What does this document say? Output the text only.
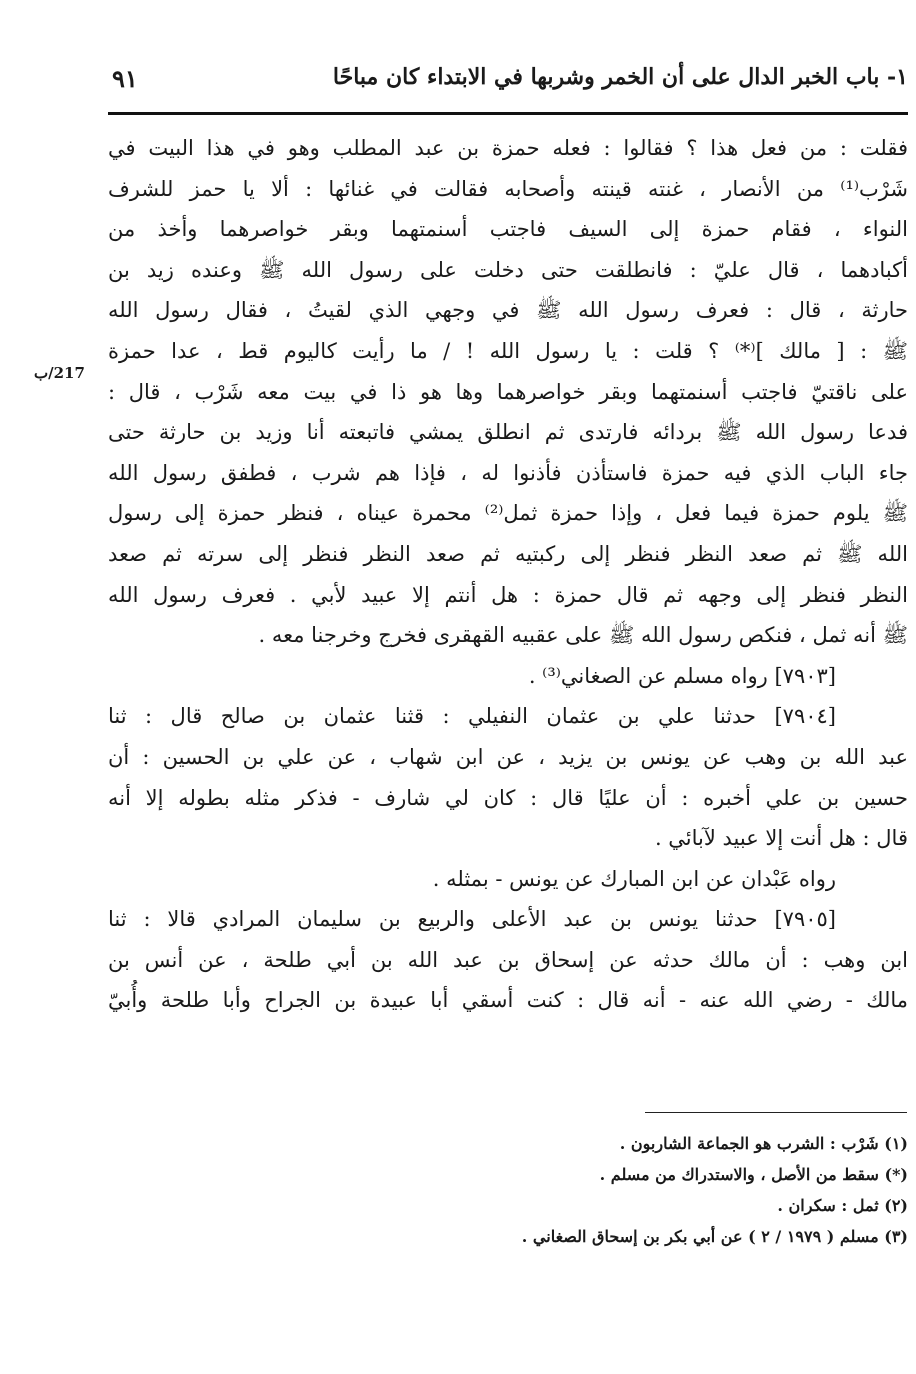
١- باب الخبر الدال على أن الخمر وشربها في الابتداء كان مباحًا
٩١
217/ب
فقلت : من فعل هذا ؟ فقالوا : فعله حمزة بن عبد المطلب وهو في هذا البيت في
شَرْب⁽¹⁾ من الأنصار ، غنته قينته وأصحابه فقالت في غنائها : ألا يا حمز للشرف
النواء ، فقام حمزة إلى السيف فاجتب أسنمتهما وبقر خواصرهما وأخذ من
أكبادهما ، قال عليّ : فانطلقت حتى دخلت على رسول الله ﷺ وعنده زيد بن
حارثة ، قال : فعرف رسول الله ﷺ في وجهي الذي لقيتُ ، فقال رسول الله
ﷺ : [ مالك ]⁽*⁾ ؟ قلت : يا رسول الله ! / ما رأيت كاليوم قط ، عدا حمزة
على ناقتيّ فاجتب أسنمتهما وبقر خواصرهما وها هو ذا في بيت معه شَرْب ، قال :
فدعا رسول الله ﷺ بردائه فارتدى ثم انطلق يمشي فاتبعته أنا وزيد بن حارثة حتى
جاء الباب الذي فيه حمزة فاستأذن فأذنوا له ، فإذا هم شرب ، فطفق رسول الله
ﷺ يلوم حمزة فيما فعل ، وإذا حمزة ثمل⁽²⁾ محمرة عيناه ، فنظر حمزة إلى رسول
الله ﷺ ثم صعد النظر فنظر إلى ركبتيه ثم صعد النظر فنظر إلى سرته ثم صعد
النظر فنظر إلى وجهه ثم قال حمزة : هل أنتم إلا عبيد لأبي . فعرف رسول الله
ﷺ أنه ثمل ، فنكص رسول الله ﷺ على عقبيه القهقرى فخرج وخرجنا معه .
[٧٩٠٣] رواه مسلم عن الصغاني⁽³⁾ .
[٧٩٠٤] حدثنا علي بن عثمان النفيلي : قثنا عثمان بن صالح قال : ثنا
عبد الله بن وهب عن يونس بن يزيد ، عن ابن شهاب ، عن علي بن الحسين : أن
حسين بن علي أخبره : أن عليًا قال : كان لي شارف - فذكر مثله بطوله إلا أنه
قال : هل أنت إلا عبيد لآبائي .
رواه عَبْدان عن ابن المبارك عن يونس - بمثله .
[٧٩٠٥] حدثنا يونس بن عبد الأعلى والربيع بن سليمان المرادي قالا : ثنا
ابن وهب : أن مالك حدثه عن إسحاق بن عبد الله بن أبي طلحة ، عن أنس بن
مالك - رضي الله عنه - أنه قال : كنت أسقي أبا عبيدة بن الجراح وأبا طلحة وأُبيّ
(١) شَرْب : الشرب هو الجماعة الشاربون .
(*) سقط من الأصل ، والاستدراك من مسلم .
(٢) ثمل : سكران .
(٣) مسلم ( ١٩٧٩ / ٢ ) عن أبي بكر بن إسحاق الصغاني .
